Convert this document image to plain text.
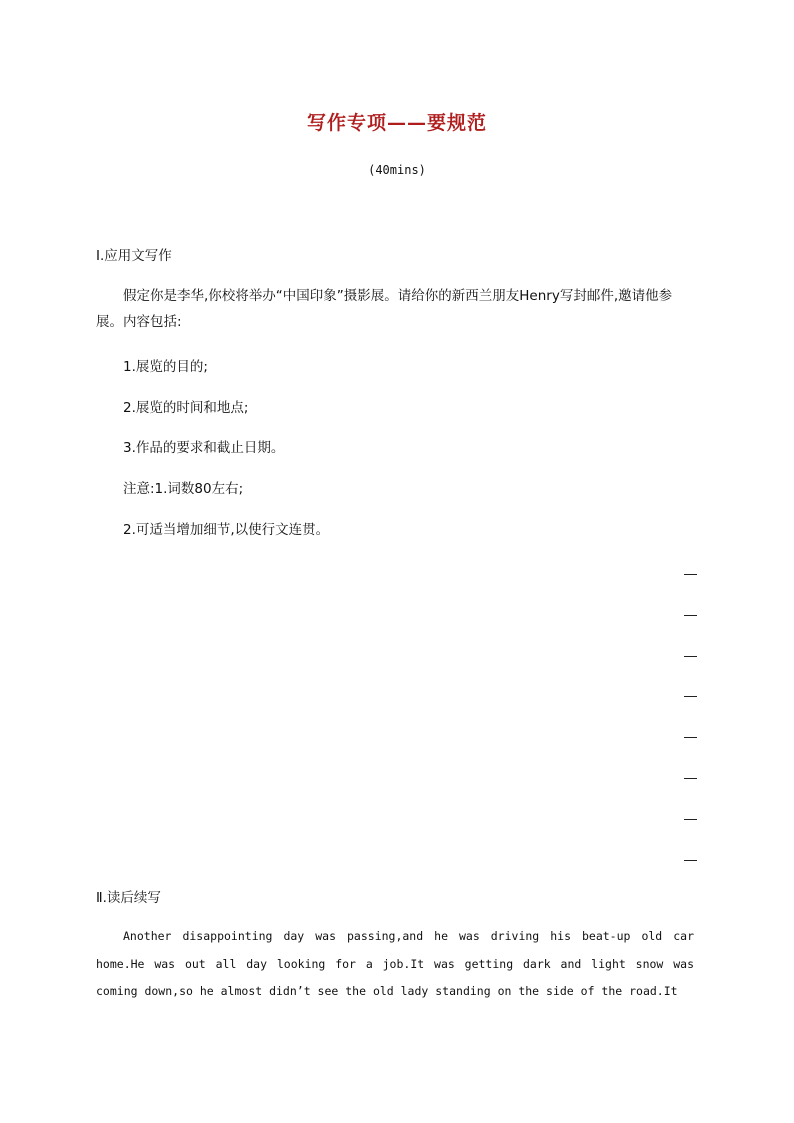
写作专项——要规范
(40mins)
Ⅰ.应用文写作
假定你是李华,你校将举办“中国印象”摄影展。请给你的新西兰朋友Henry写封邮件,邀请他参展。内容包括:
1.展览的目的;
2.展览的时间和地点;
3.作品的要求和截止日期。
注意:1.词数80左右;
2.可适当增加细节,以使行文连贯。
Ⅱ.读后续写
Another disappointing day was passing,and he was driving his beat-up old car home.He was out all day looking for a job.It was getting dark and light snow was coming down,so he almost didn’t see the old lady standing on the side of the road.It
